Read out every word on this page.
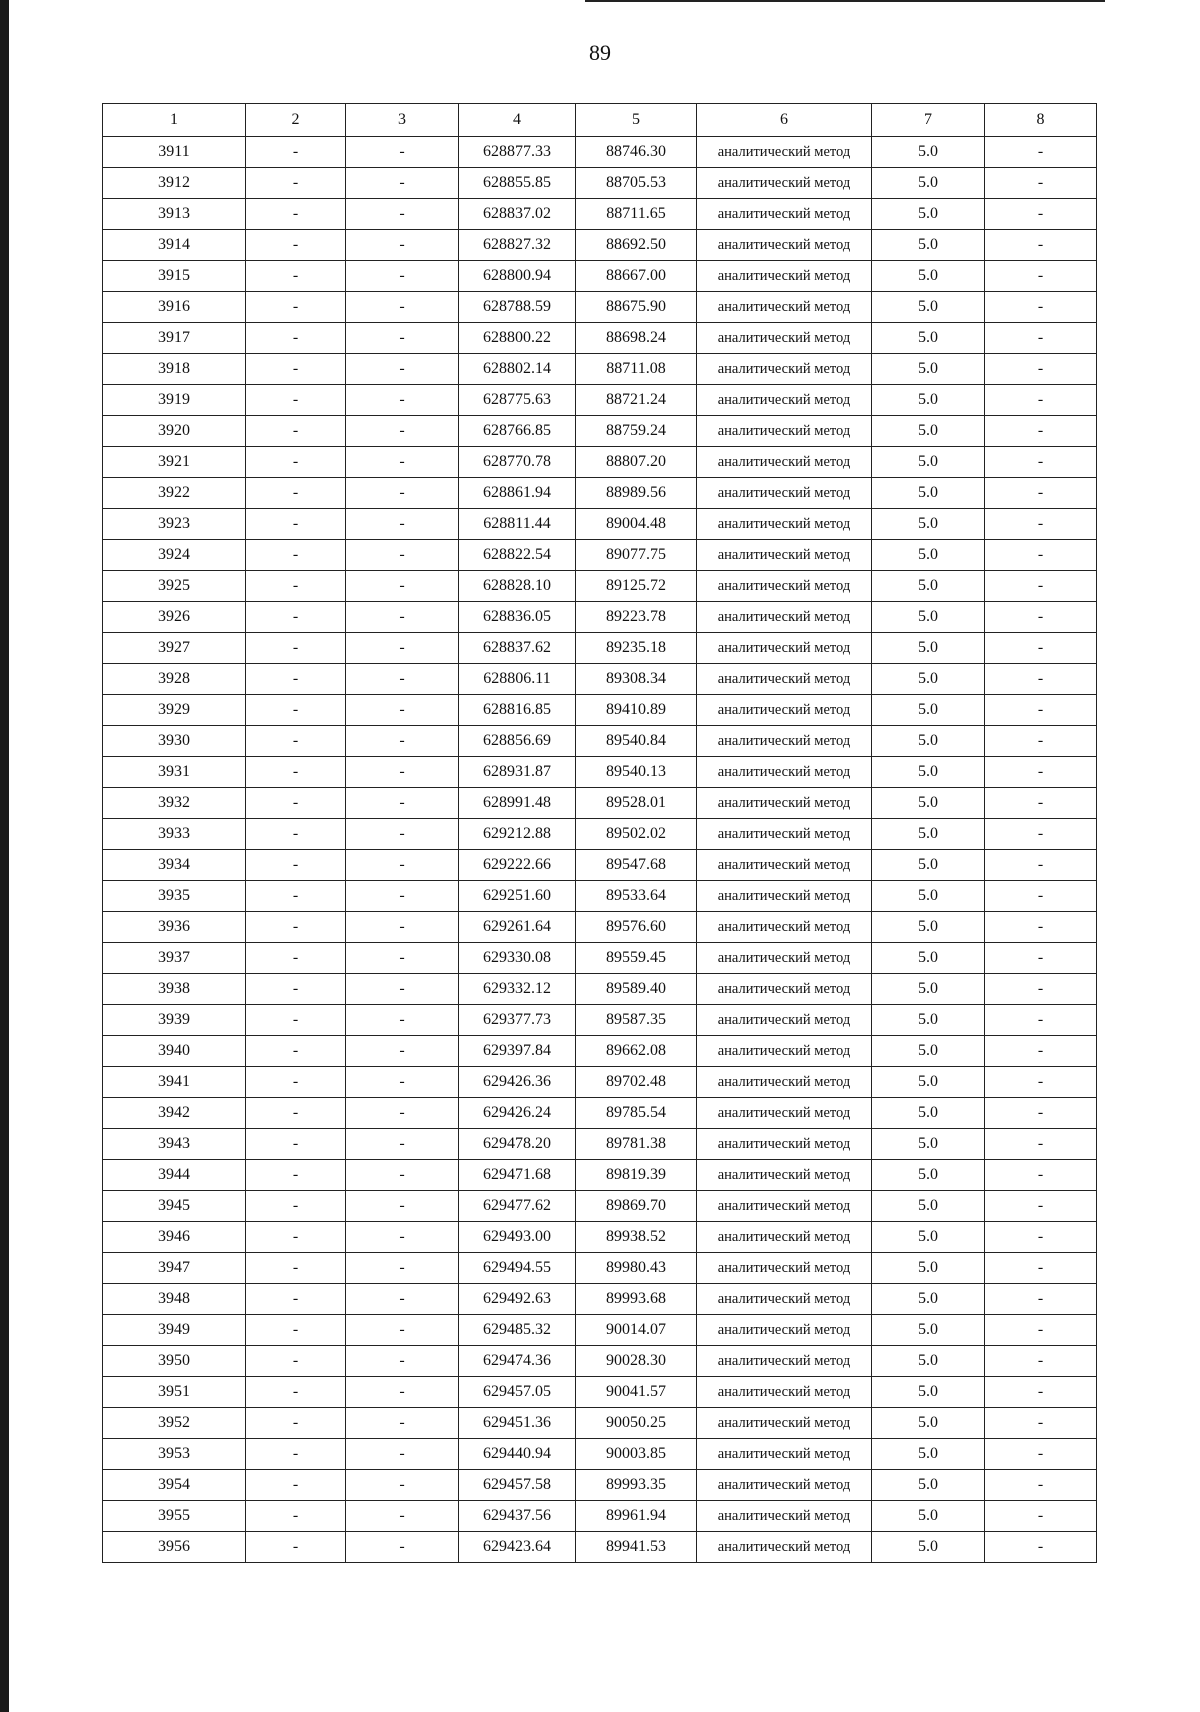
89
1	2	3	4	5	6	7	8
3911	-	-	628877.33	88746.30	аналитический метод	5.0	-
3912	-	-	628855.85	88705.53	аналитический метод	5.0	-
3913	-	-	628837.02	88711.65	аналитический метод	5.0	-
3914	-	-	628827.32	88692.50	аналитический метод	5.0	-
3915	-	-	628800.94	88667.00	аналитический метод	5.0	-
3916	-	-	628788.59	88675.90	аналитический метод	5.0	-
3917	-	-	628800.22	88698.24	аналитический метод	5.0	-
3918	-	-	628802.14	88711.08	аналитический метод	5.0	-
3919	-	-	628775.63	88721.24	аналитический метод	5.0	-
3920	-	-	628766.85	88759.24	аналитический метод	5.0	-
3921	-	-	628770.78	88807.20	аналитический метод	5.0	-
3922	-	-	628861.94	88989.56	аналитический метод	5.0	-
3923	-	-	628811.44	89004.48	аналитический метод	5.0	-
3924	-	-	628822.54	89077.75	аналитический метод	5.0	-
3925	-	-	628828.10	89125.72	аналитический метод	5.0	-
3926	-	-	628836.05	89223.78	аналитический метод	5.0	-
3927	-	-	628837.62	89235.18	аналитический метод	5.0	-
3928	-	-	628806.11	89308.34	аналитический метод	5.0	-
3929	-	-	628816.85	89410.89	аналитический метод	5.0	-
3930	-	-	628856.69	89540.84	аналитический метод	5.0	-
3931	-	-	628931.87	89540.13	аналитический метод	5.0	-
3932	-	-	628991.48	89528.01	аналитический метод	5.0	-
3933	-	-	629212.88	89502.02	аналитический метод	5.0	-
3934	-	-	629222.66	89547.68	аналитический метод	5.0	-
3935	-	-	629251.60	89533.64	аналитический метод	5.0	-
3936	-	-	629261.64	89576.60	аналитический метод	5.0	-
3937	-	-	629330.08	89559.45	аналитический метод	5.0	-
3938	-	-	629332.12	89589.40	аналитический метод	5.0	-
3939	-	-	629377.73	89587.35	аналитический метод	5.0	-
3940	-	-	629397.84	89662.08	аналитический метод	5.0	-
3941	-	-	629426.36	89702.48	аналитический метод	5.0	-
3942	-	-	629426.24	89785.54	аналитический метод	5.0	-
3943	-	-	629478.20	89781.38	аналитический метод	5.0	-
3944	-	-	629471.68	89819.39	аналитический метод	5.0	-
3945	-	-	629477.62	89869.70	аналитический метод	5.0	-
3946	-	-	629493.00	89938.52	аналитический метод	5.0	-
3947	-	-	629494.55	89980.43	аналитический метод	5.0	-
3948	-	-	629492.63	89993.68	аналитический метод	5.0	-
3949	-	-	629485.32	90014.07	аналитический метод	5.0	-
3950	-	-	629474.36	90028.30	аналитический метод	5.0	-
3951	-	-	629457.05	90041.57	аналитический метод	5.0	-
3952	-	-	629451.36	90050.25	аналитический метод	5.0	-
3953	-	-	629440.94	90003.85	аналитический метод	5.0	-
3954	-	-	629457.58	89993.35	аналитический метод	5.0	-
3955	-	-	629437.56	89961.94	аналитический метод	5.0	-
3956	-	-	629423.64	89941.53	аналитический метод	5.0	-
